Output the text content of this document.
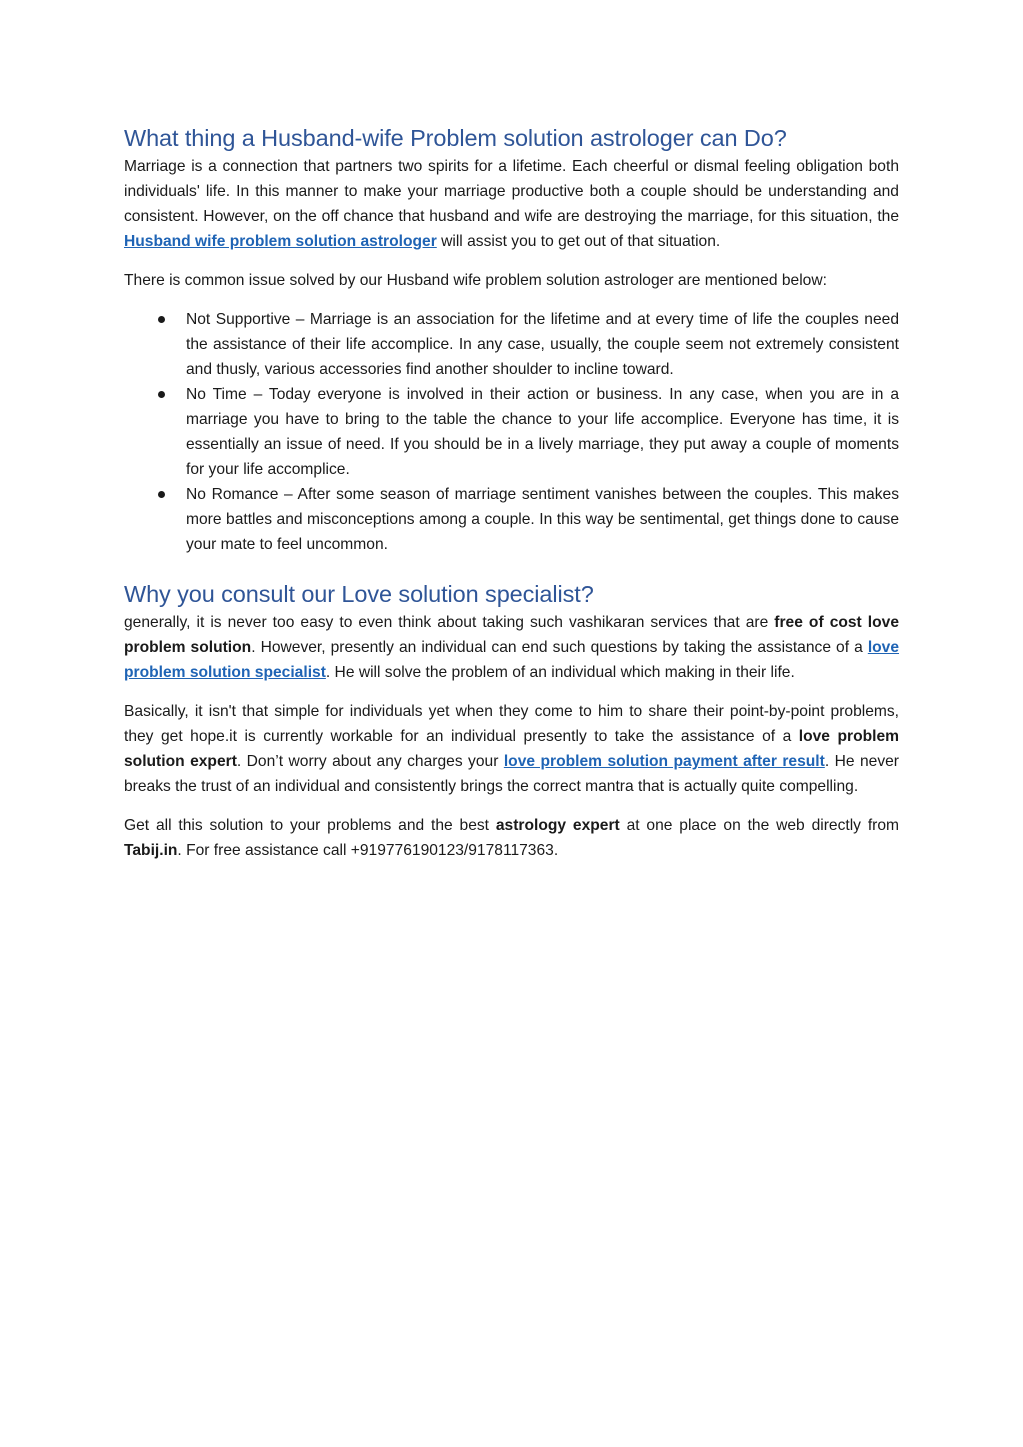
What thing a Husband-wife Problem solution astrologer can Do?

Marriage is a connection that partners two spirits for a lifetime. Each cheerful or dismal feeling obligation both individuals' life. In this manner to make your marriage productive both a couple should be understanding and consistent. However, on the off chance that husband and wife are destroying the marriage, for this situation, the Husband wife problem solution astrologer will assist you to get out of that situation.

There is common issue solved by our Husband wife problem solution astrologer are mentioned below:

Not Supportive – Marriage is an association for the lifetime and at every time of life the couples need the assistance of their life accomplice. In any case, usually, the couple seem not extremely consistent and thusly, various accessories find another shoulder to incline toward.
No Time – Today everyone is involved in their action or business. In any case, when you are in a marriage you have to bring to the table the chance to your life accomplice. Everyone has time, it is essentially an issue of need. If you should be in a lively marriage, they put away a couple of moments for your life accomplice.
No Romance – After some season of marriage sentiment vanishes between the couples. This makes more battles and misconceptions among a couple. In this way be sentimental, get things done to cause your mate to feel uncommon.
Why you consult our Love solution specialist?

generally, it is never too easy to even think about taking such vashikaran services that are free of cost love problem solution. However, presently an individual can end such questions by taking the assistance of a love problem solution specialist. He will solve the problem of an individual which making in their life.

Basically, it isn't that simple for individuals yet when they come to him to share their point-by-point problems, they get hope.it is currently workable for an individual presently to take the assistance of a love problem solution expert. Don’t worry about any charges your love problem solution payment after result. He never breaks the trust of an individual and consistently brings the correct mantra that is actually quite compelling.

Get all this solution to your problems and the best astrology expert at one place on the web directly from Tabij.in. For free assistance call +919776190123/9178117363.
